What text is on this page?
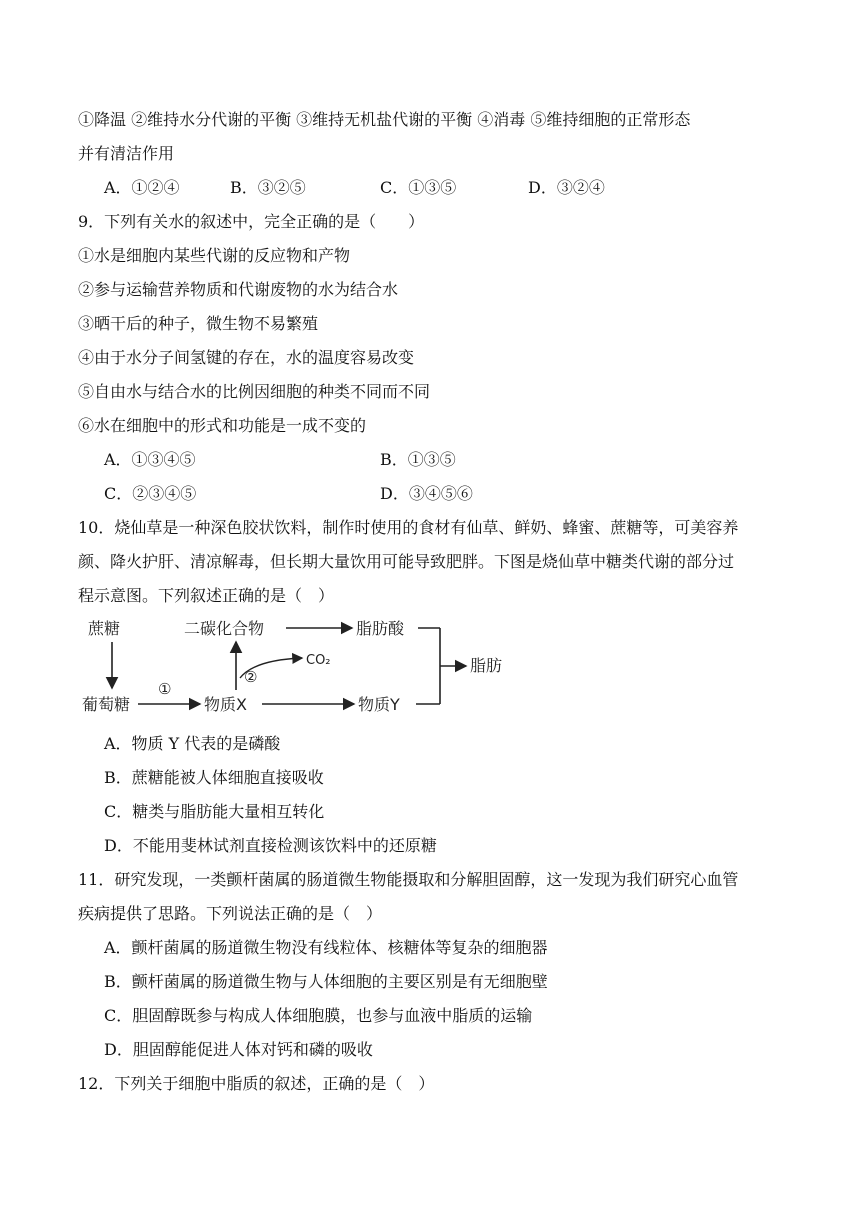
①降温 ②维持水分代谢的平衡 ③维持无机盐代谢的平衡 ④消毒 ⑤维持细胞的正常形态
并有清洁作用
A．①②④	B．③②⑤	C．①③⑤	D．③②④
9．下列有关水的叙述中，完全正确的是（　　）
①水是细胞内某些代谢的反应物和产物
②参与运输营养物质和代谢废物的水为结合水
③晒干后的种子，微生物不易繁殖
④由于水分子间氢键的存在，水的温度容易改变
⑤自由水与结合水的比例因细胞的种类不同而不同
⑥水在细胞中的形式和功能是一成不变的
A．①③④⑤	B．①③⑤
C．②③④⑤	D．③④⑤⑥
10．烧仙草是一种深色胶状饮料，制作时使用的食材有仙草、鲜奶、蜂蜜、蔗糖等，可美容养
颜、降火护肝、清凉解毒，但长期大量饮用可能导致肥胖。下图是烧仙草中糖类代谢的部分过
程示意图。下列叙述正确的是（　）
蔗糖
葡萄糖
二碳化合物	脂肪酸
脂肪
CO₂
物质X	物质Y
①
②
A．物质 Y 代表的是磷酸
B．蔗糖能被人体细胞直接吸收
C．糖类与脂肪能大量相互转化
D．不能用斐林试剂直接检测该饮料中的还原糖
11．研究发现，一类颤杆菌属的肠道微生物能摄取和分解胆固醇，这一发现为我们研究心血管
疾病提供了思路。下列说法正确的是（　）
A．颤杆菌属的肠道微生物没有线粒体、核糖体等复杂的细胞器
B．颤杆菌属的肠道微生物与人体细胞的主要区别是有无细胞壁
C．胆固醇既参与构成人体细胞膜，也参与血液中脂质的运输
D．胆固醇能促进人体对钙和磷的吸收
12．下列关于细胞中脂质的叙述，正确的是（　）
